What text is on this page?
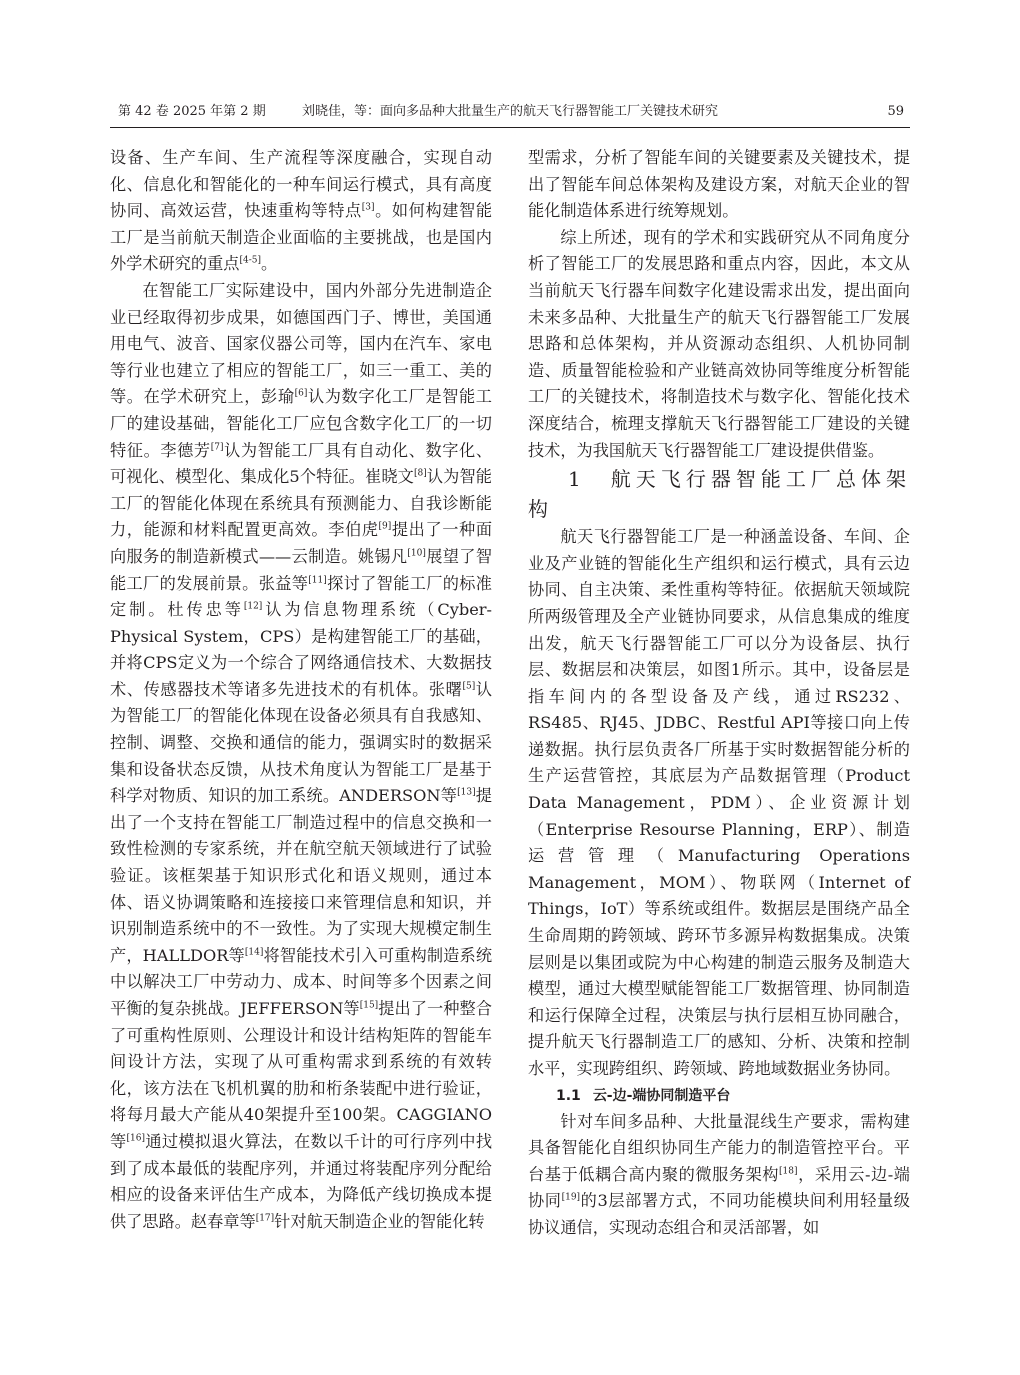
第 42 卷 2025 年第 2 期	刘晓佳，等：面向多品种大批量生产的航天飞行器智能工厂关键技术研究	59

设备、生产车间、生产流程等深度融合，实现自动化、信息化和智能化的一种车间运行模式，具有高度协同、高效运营，快速重构等特点[3]。如何构建智能工厂是当前航天制造企业面临的主要挑战，也是国内外学术研究的重点[4-5]。

在智能工厂实际建设中，国内外部分先进制造企业已经取得初步成果，如德国西门子、博世，美国通用电气、波音、国家仪器公司等，国内在汽车、家电等行业也建立了相应的智能工厂，如三一重工、美的等。在学术研究上，彭瑜[6]认为数字化工厂是智能工厂的建设基础，智能化工厂应包含数字化工厂的一切特征。李德芳[7]认为智能工厂具有自动化、数字化、可视化、模型化、集成化5个特征。崔晓文[8]认为智能工厂的智能化体现在系统具有预测能力、自我诊断能力，能源和材料配置更高效。李伯虎[9]提出了一种面向服务的制造新模式——云制造。姚锡凡[10]展望了智能工厂的发展前景。张益等[11]探讨了智能工厂的标准定制。杜传忠等[12]认为信息物理系统（Cyber-Physical System，CPS）是构建智能工厂的基础，并将CPS定义为一个综合了网络通信技术、大数据技术、传感器技术等诸多先进技术的有机体。张曙[5]认为智能工厂的智能化体现在设备必须具有自我感知、控制、调整、交换和通信的能力，强调实时的数据采集和设备状态反馈，从技术角度认为智能工厂是基于科学对物质、知识的加工系统。ANDERSON等[13]提出了一个支持在智能工厂制造过程中的信息交换和一致性检测的专家系统，并在航空航天领域进行了试验验证。该框架基于知识形式化和语义规则，通过本体、语义协调策略和连接接口来管理信息和知识，并识别制造系统中的不一致性。为了实现大规模定制生产，HALLDOR等[14]将智能技术引入可重构制造系统中以解决工厂中劳动力、成本、时间等多个因素之间平衡的复杂挑战。JEFFERSON等[15]提出了一种整合了可重构性原则、公理设计和设计结构矩阵的智能车间设计方法，实现了从可重构需求到系统的有效转化，该方法在飞机机翼的肋和桁条装配中进行验证，将每月最大产能从40架提升至100架。CAGGIANO等[16]通过模拟退火算法，在数以千计的可行序列中找到了成本最低的装配序列，并通过将装配序列分配给相应的设备来评估生产成本，为降低产线切换成本提供了思路。赵春章等[17]针对航天制造企业的智能化转

型需求，分析了智能车间的关键要素及关键技术，提出了智能车间总体架构及建设方案，对航天企业的智能化制造体系进行统筹规划。

综上所述，现有的学术和实践研究从不同角度分析了智能工厂的发展思路和重点内容，因此，本文从当前航天飞行器车间数字化建设需求出发，提出面向未来多品种、大批量生产的航天飞行器智能工厂发展思路和总体架构，并从资源动态组织、人机协同制造、质量智能检验和产业链高效协同等维度分析智能工厂的关键技术，将制造技术与数字化、智能化技术深度结合，梳理支撑航天飞行器智能工厂建设的关键技术，为我国航天飞行器智能工厂建设提供借鉴。

1　航天飞行器智能工厂总体架构

航天飞行器智能工厂是一种涵盖设备、车间、企业及产业链的智能化生产组织和运行模式，具有云边协同、自主决策、柔性重构等特征。依据航天领域院所两级管理及全产业链协同要求，从信息集成的维度出发，航天飞行器智能工厂可以分为设备层、执行层、数据层和决策层，如图1所示。其中，设备层是指车间内的各型设备及产线，通过RS232、RS485、RJ45、JDBC、Restful API等接口向上传递数据。执行层负责各厂所基于实时数据智能分析的生产运营管控，其底层为产品数据管理（Product Data Management，PDM）、企业资源计划（Enterprise Resourse Planning，ERP）、制造运营管理（Manufacturing Operations Management，MOM）、物联网（Internet of Things，IoT）等系统或组件。数据层是围绕产品全生命周期的跨领域、跨环节多源异构数据集成。决策层则是以集团或院为中心构建的制造云服务及制造大模型，通过大模型赋能智能工厂数据管理、协同制造和运行保障全过程，决策层与执行层相互协同融合，提升航天飞行器制造工厂的感知、分析、决策和控制水平，实现跨组织、跨领域、跨地域数据业务协同。

1.1 云-边-端协同制造平台

针对车间多品种、大批量混线生产要求，需构建具备智能化自组织协同生产能力的制造管控平台。平台基于低耦合高内聚的微服务架构[18]，采用云-边-端协同[19]的3层部署方式，不同功能模块间利用轻量级协议通信，实现动态组合和灵活部署，如
